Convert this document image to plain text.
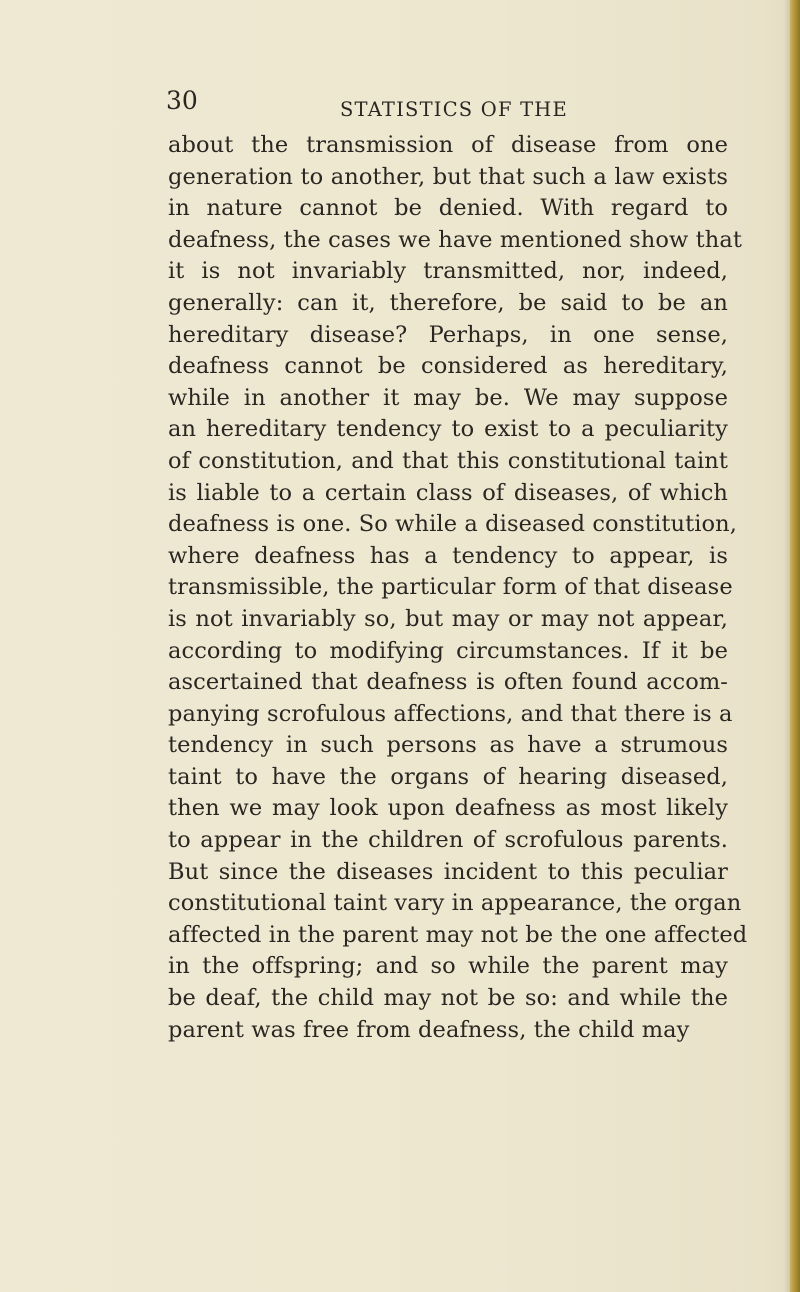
30	STATISTICS OF THE
about the transmission of disease from one
generation to another, but that such a law exists
in nature cannot be denied. With regard to
deafness, the cases we have mentioned show that
it is not invariably transmitted, nor, indeed,
generally: can it, therefore, be said to be an
hereditary disease? Perhaps, in one sense,
deafness cannot be considered as hereditary,
while in another it may be. We may suppose
an hereditary tendency to exist to a peculiarity
of constitution, and that this constitutional taint
is liable to a certain class of diseases, of which
deafness is one. So while a diseased constitution,
where deafness has a tendency to appear, is
transmissible, the particular form of that disease
is not invariably so, but may or may not appear,
according to modifying circumstances. If it be
ascertained that deafness is often found accom-
panying scrofulous affections, and that there is a
tendency in such persons as have a strumous
taint to have the organs of hearing diseased,
then we may look upon deafness as most likely
to appear in the children of scrofulous parents.
But since the diseases incident to this peculiar
constitutional taint vary in appearance, the organ
affected in the parent may not be the one affected
in the offspring; and so while the parent may
be deaf, the child may not be so: and while the
parent was free from deafness, the child may
